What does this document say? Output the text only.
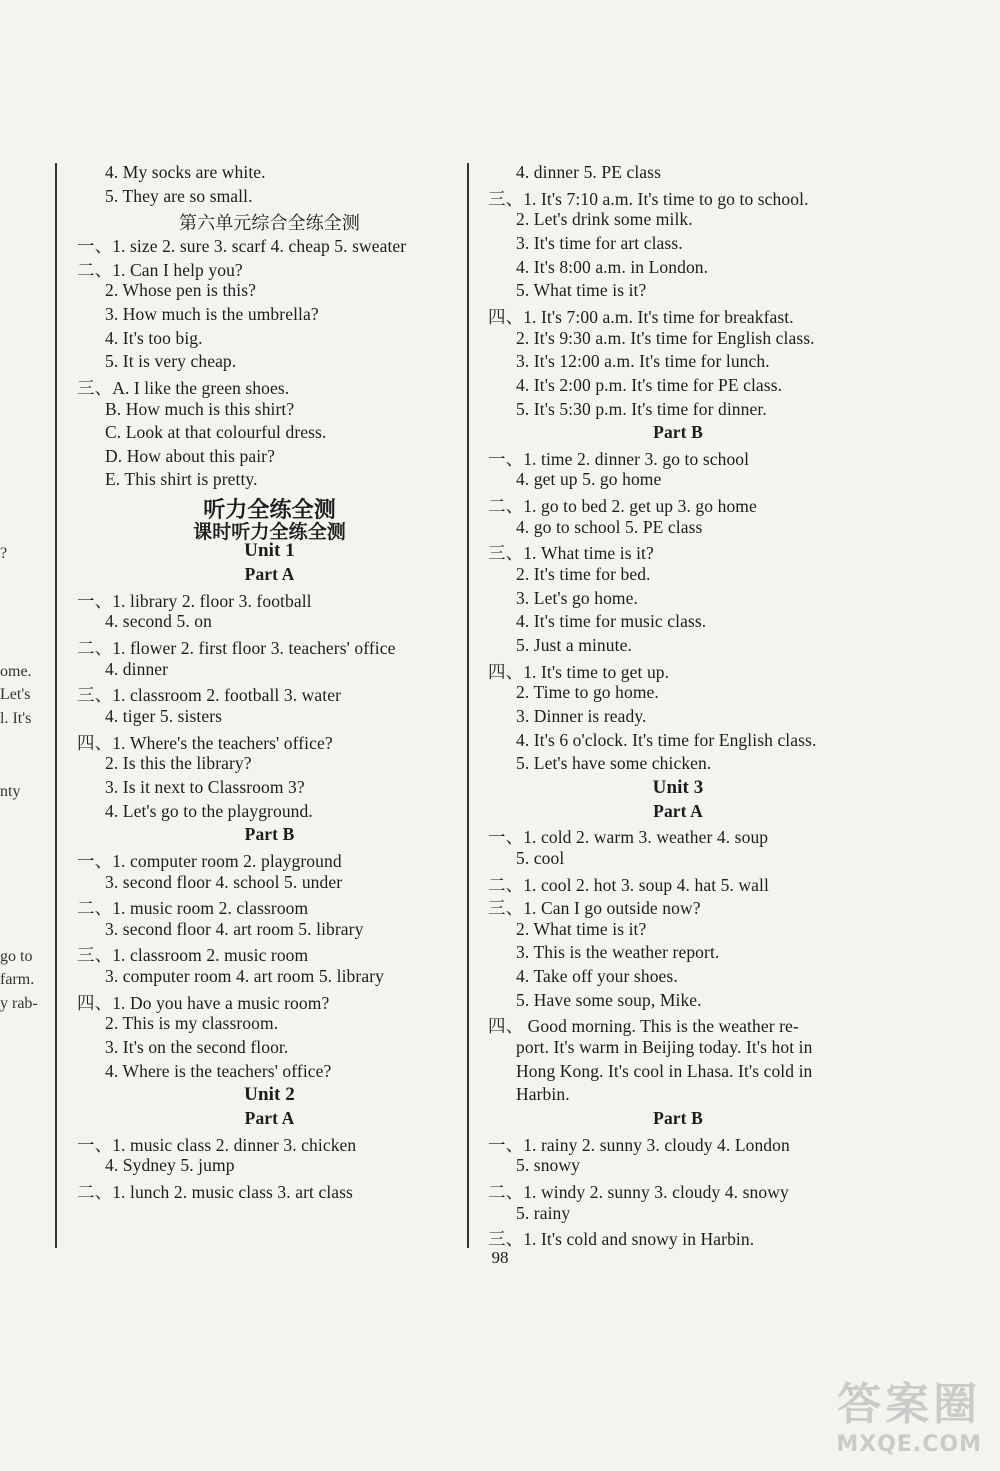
?
ome.
Let's
l. It's
nty
go to
farm.
y rab-
4. My socks are white.
5. They are so small.
第六单元综合全练全测
一、1. size 2. sure 3. scarf 4. cheap 5. sweater
二、1. Can I help you?
2. Whose pen is this?
3. How much is the umbrella?
4. It's too big.
5. It is very cheap.
三、A. I like the green shoes.
B. How much is this shirt?
C. Look at that colourful dress.
D. How about this pair?
E. This shirt is pretty.
听力全练全测
课时听力全练全测
Unit 1
Part A
一、1. library 2. floor 3. football
4. second 5. on
二、1. flower 2. first floor 3. teachers' office
4. dinner
三、1. classroom 2. football 3. water
4. tiger 5. sisters
四、1. Where's the teachers' office?
2. Is this the library?
3. Is it next to Classroom 3?
4. Let's go to the playground.
Part B
一、1. computer room 2. playground
3. second floor 4. school 5. under
二、1. music room 2. classroom
3. second floor 4. art room 5. library
三、1. classroom 2. music room
3. computer room 4. art room 5. library
四、1. Do you have a music room?
2. This is my classroom.
3. It's on the second floor.
4. Where is the teachers' office?
Unit 2
Part A
一、1. music class 2. dinner 3. chicken
4. Sydney 5. jump
二、1. lunch 2. music class 3. art class
4. dinner 5. PE class
三、1. It's 7:10 a.m. It's time to go to school.
2. Let's drink some milk.
3. It's time for art class.
4. It's 8:00 a.m. in London.
5. What time is it?
四、1. It's 7:00 a.m. It's time for breakfast.
2. It's 9:30 a.m. It's time for English class.
3. It's 12:00 a.m. It's time for lunch.
4. It's 2:00 p.m. It's time for PE class.
5. It's 5:30 p.m. It's time for dinner.
Part B
一、1. time 2. dinner 3. go to school
4. get up 5. go home
二、1. go to bed 2. get up 3. go home
4. go to school 5. PE class
三、1. What time is it?
2. It's time for bed.
3. Let's go home.
4. It's time for music class.
5. Just a minute.
四、1. It's time to get up.
2. Time to go home.
3. Dinner is ready.
4. It's 6 o'clock. It's time for English class.
5. Let's have some chicken.
Unit 3
Part A
一、1. cold 2. warm 3. weather 4. soup
5. cool
二、1. cool 2. hot 3. soup 4. hat 5. wall
三、1. Can I go outside now?
2. What time is it?
3. This is the weather report.
4. Take off your shoes.
5. Have some soup, Mike.
四、 Good morning. This is the weather re-
port. It's warm in Beijing today. It's hot in
Hong Kong. It's cool in Lhasa. It's cold in
Harbin.
Part B
一、1. rainy 2. sunny 3. cloudy 4. London
5. snowy
二、1. windy 2. sunny 3. cloudy 4. snowy
5. rainy
三、1. It's cold and snowy in Harbin.
98
答案圈
MXQE.COM
